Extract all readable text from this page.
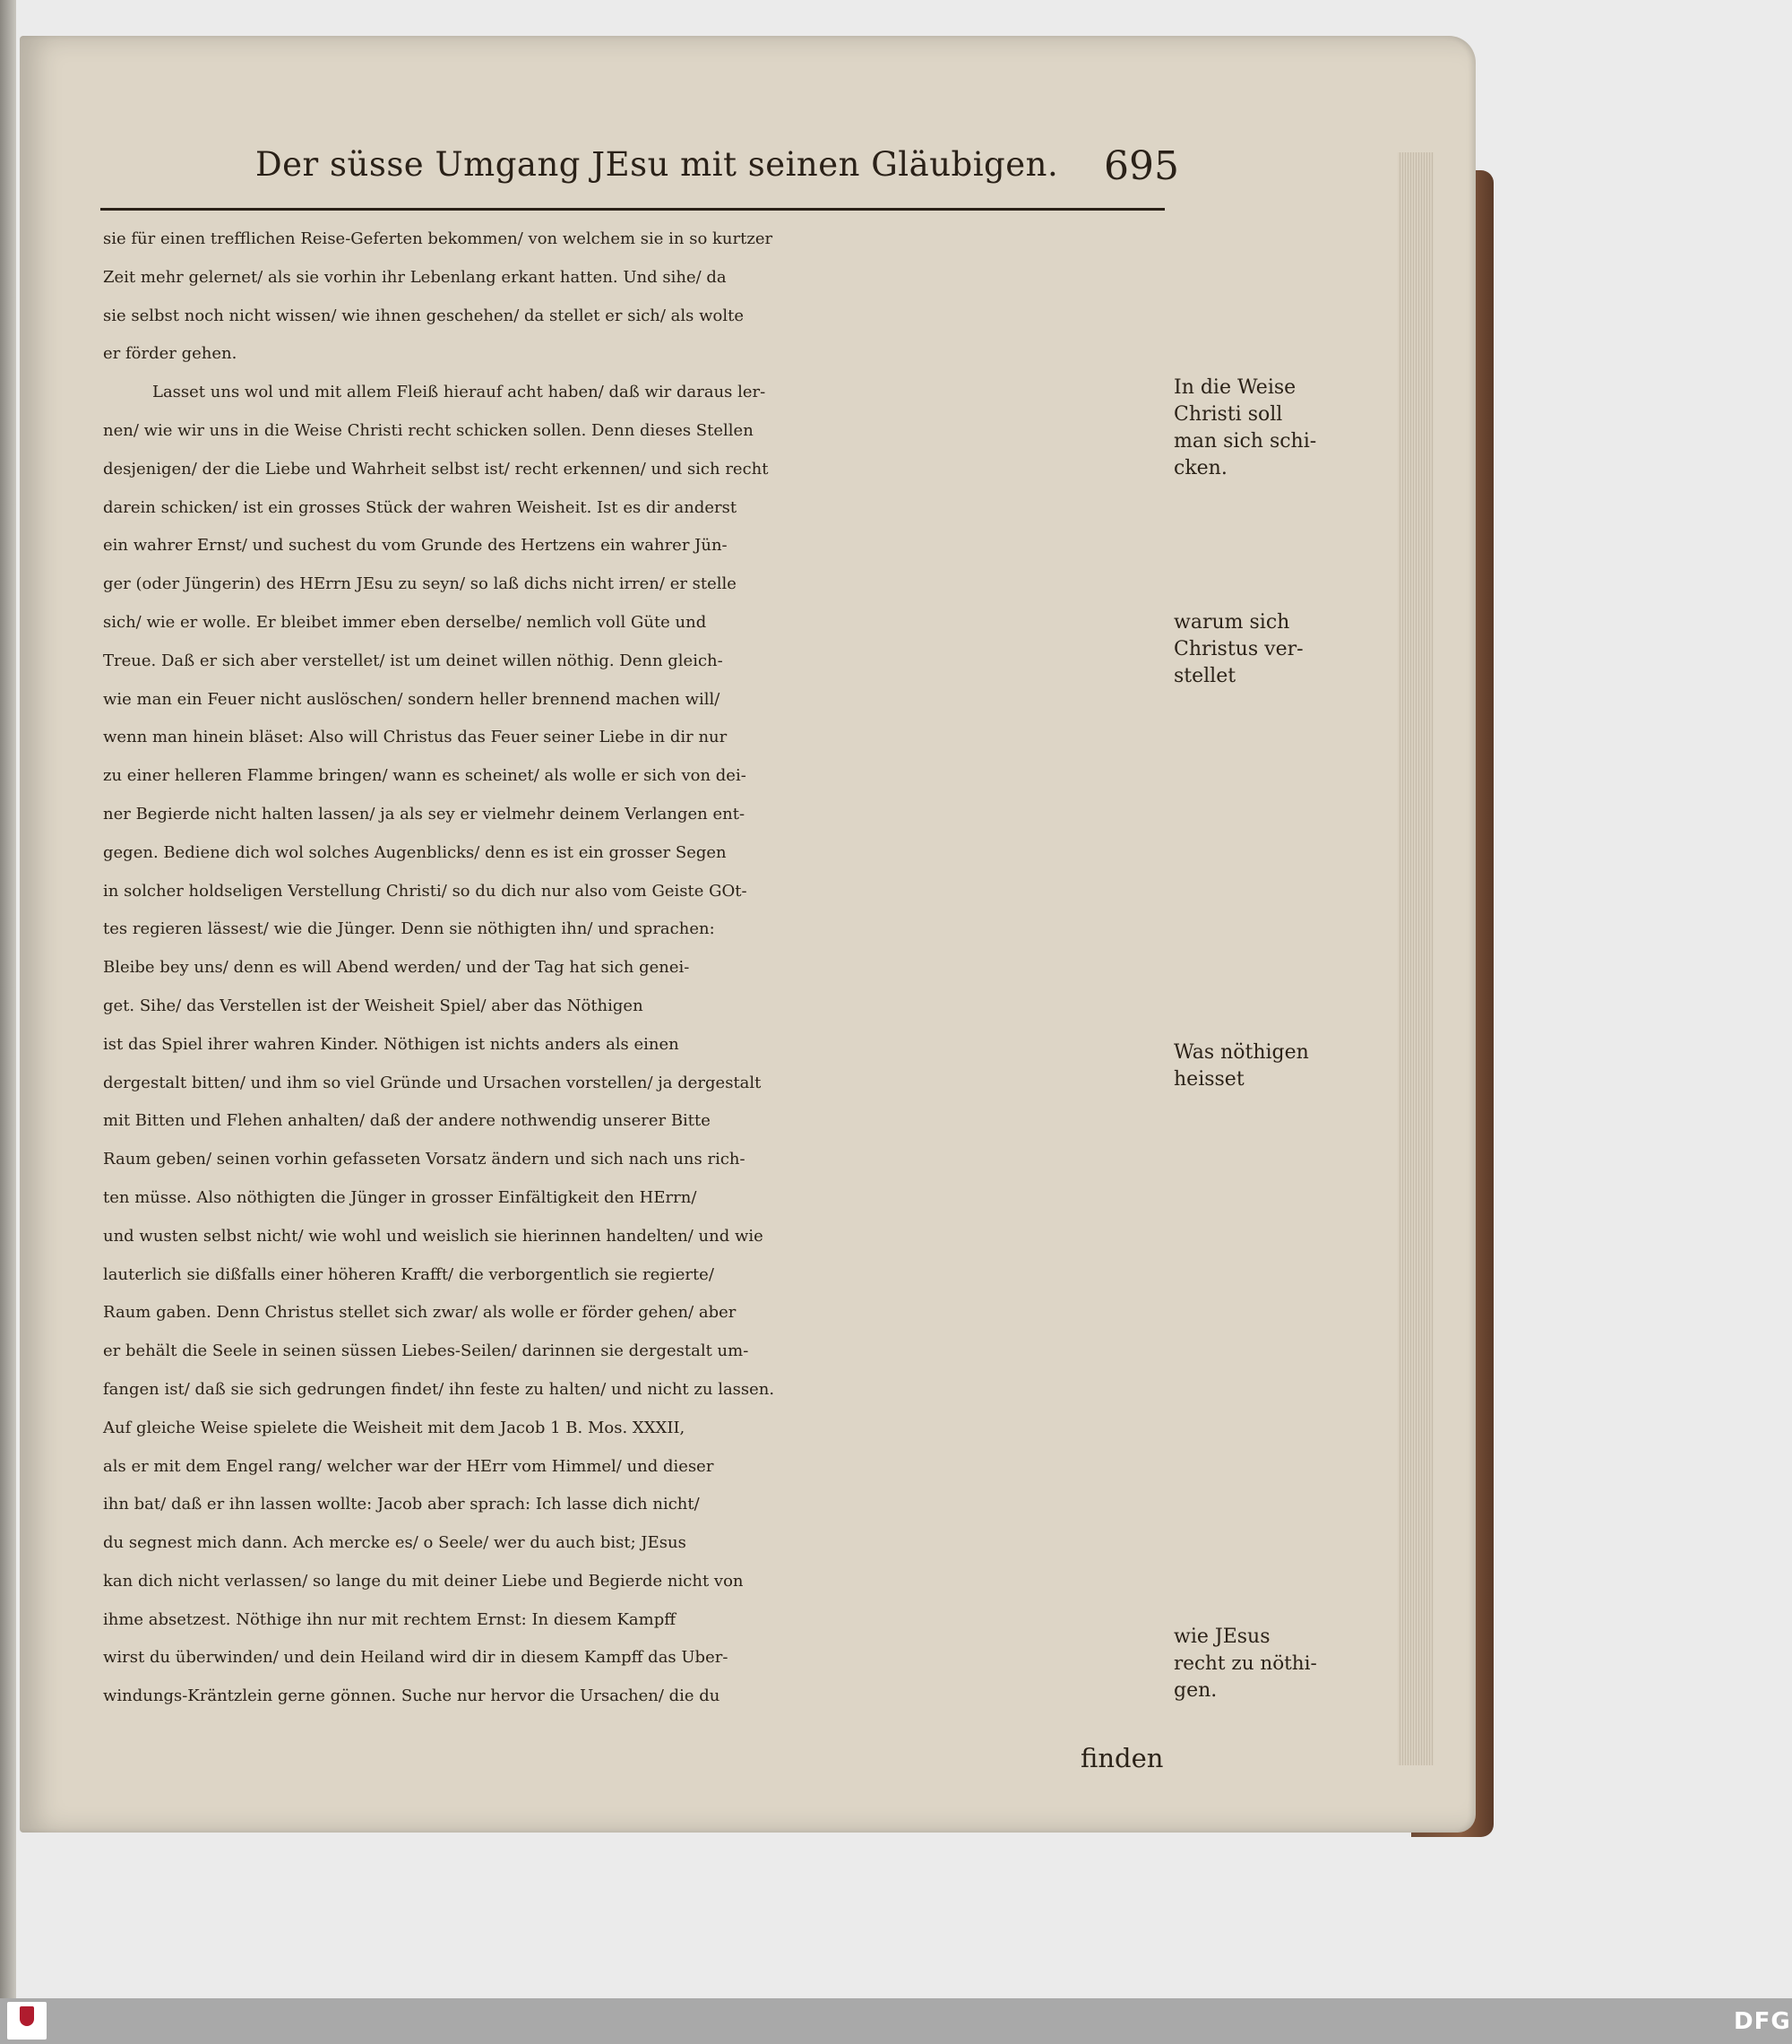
Der süsse Umgang JEsu mit seinen Gläubigen. 695
sie für einen trefflichen Reise-Geferten bekommen/ von welchem sie in so kurtzer
Zeit mehr gelernet/ als sie vorhin ihr Lebenlang erkant hatten. Und sihe/ da
sie selbst noch nicht wissen/ wie ihnen geschehen/ da stellet er sich/ als wolte
er förder gehen.
Lasset uns wol und mit allem Fleiß hierauf acht haben/ daß wir daraus ler-
nen/ wie wir uns in die Weise Christi recht schicken sollen. Denn dieses Stellen
desjenigen/ der die Liebe und Wahrheit selbst ist/ recht erkennen/ und sich recht
darein schicken/ ist ein grosses Stück der wahren Weisheit. Ist es dir anderst
ein wahrer Ernst/ und suchest du vom Grunde des Hertzens ein wahrer Jün-
ger (oder Jüngerin) des HErrn JEsu zu seyn/ so laß dichs nicht irren/ er stelle
sich/ wie er wolle. Er bleibet immer eben derselbe/ nemlich voll Güte und
Treue. Daß er sich aber verstellet/ ist um deinet willen nöthig. Denn gleich-
wie man ein Feuer nicht auslöschen/ sondern heller brennend machen will/
wenn man hinein bläset: Also will Christus das Feuer seiner Liebe in dir nur
zu einer helleren Flamme bringen/ wann es scheinet/ als wolle er sich von dei-
ner Begierde nicht halten lassen/ ja als sey er vielmehr deinem Verlangen ent-
gegen. Bediene dich wol solches Augenblicks/ denn es ist ein grosser Segen
in solcher holdseligen Verstellung Christi/ so du dich nur also vom Geiste GOt-
tes regieren lässest/ wie die Jünger. Denn sie nöthigten ihn/ und sprachen:
Bleibe bey uns/ denn es will Abend werden/ und der Tag hat sich genei-
get. Sihe/ das Verstellen ist der Weisheit Spiel/ aber das Nöthigen
ist das Spiel ihrer wahren Kinder. Nöthigen ist nichts anders als einen
dergestalt bitten/ und ihm so viel Gründe und Ursachen vorstellen/ ja dergestalt
mit Bitten und Flehen anhalten/ daß der andere nothwendig unserer Bitte
Raum geben/ seinen vorhin gefasseten Vorsatz ändern und sich nach uns rich-
ten müsse. Also nöthigten die Jünger in grosser Einfältigkeit den HErrn/
und wusten selbst nicht/ wie wohl und weislich sie hierinnen handelten/ und wie
lauterlich sie dißfalls einer höheren Krafft/ die verborgentlich sie regierte/
Raum gaben. Denn Christus stellet sich zwar/ als wolle er förder gehen/ aber
er behält die Seele in seinen süssen Liebes-Seilen/ darinnen sie dergestalt um-
fangen ist/ daß sie sich gedrungen findet/ ihn feste zu halten/ und nicht zu lassen.
Auf gleiche Weise spielete die Weisheit mit dem Jacob 1 B. Mos. XXXII,
als er mit dem Engel rang/ welcher war der HErr vom Himmel/ und dieser
ihn bat/ daß er ihn lassen wollte: Jacob aber sprach: Ich lasse dich nicht/
du segnest mich dann. Ach mercke es/ o Seele/ wer du auch bist; JEsus
kan dich nicht verlassen/ so lange du mit deiner Liebe und Begierde nicht von
ihme absetzest. Nöthige ihn nur mit rechtem Ernst: In diesem Kampff
wirst du überwinden/ und dein Heiland wird dir in diesem Kampff das Uber-
windungs-Kräntzlein gerne gönnen. Suche nur hervor die Ursachen/ die du
finden
In die Weise
Christi soll
man sich schi-
cken.
warum sich
Christus ver-
stellet
Was nöthigen
heisset
wie JEsus
recht zu nöthi-
gen.
DFG
